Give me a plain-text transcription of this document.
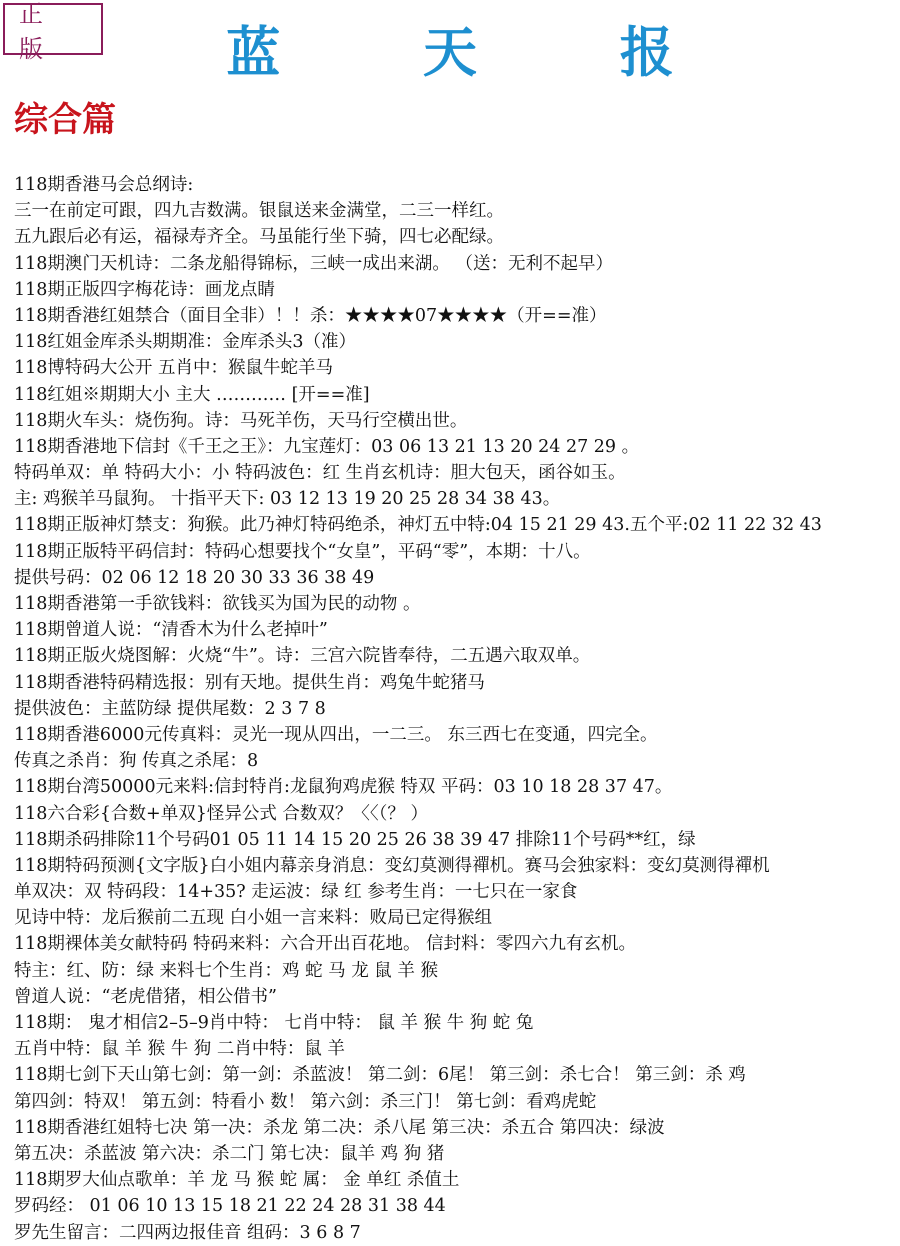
正 版	蓝 天 报
综合篇
118期香港马会总纲诗:
三一在前定可跟，四九吉数满。银鼠送来金满堂，二三一样红。
五九跟后必有运，福禄寿齐全。马虽能行坐下骑，四七必配绿。
118期澳门天机诗：二条龙船得锦标，三峡一成出来湖。 （送：无利不起早）
118期正版四字梅花诗：画龙点睛
118期香港红姐禁合（面目全非）！！杀：★★★★07★★★★（开==准）
118红姐金库杀头期期准：金库杀头3（准）
118博特码大公开 五肖中：猴鼠牛蛇羊马
118红姐※期期大小 主大 ………… [开==准]
118期火车头：烧伤狗。诗：马死羊伤，天马行空横出世。
118期香港地下信封《千王之王》：九宝莲灯：03 06 13 21 13 20 24 27 29 。
特码单双：单 特码大小：小 特码波色：红 生肖玄机诗：胆大包天，函谷如玉。
主: 鸡猴羊马鼠狗。 十指平天下: 03 12 13 19 20 25 28 34 38 43。
118期正版神灯禁支：狗猴。此乃神灯特码绝杀，神灯五中特:04 15 21 29 43.五个平:02 11 22 32 43
118期正版特平码信封：特码心想要找个“女皇”，平码“零”，本期：十八。
提供号码：02 06 12 18 20 30 33 36 38 49
118期香港第一手欲钱料：欲钱买为国为民的动物 。
118期曾道人说：“清香木为什么老掉叶”
118期正版火烧图解：火烧“牛”。诗：三宫六院皆奉待，二五遇六取双单。
118期香港特码精选报：别有天地。提供生肖：鸡兔牛蛇猪马
提供波色：主蓝防绿 提供尾数：2 3 7 8
118期香港6000元传真料：灵光一现从四出，一二三。 东三西七在变通，四完全。
传真之杀肖：狗 传真之杀尾：8
118期台湾50000元来料:信封特肖:龙鼠狗鸡虎猴 特双 平码：03 10 18 28 37 47。
118六合彩{合数+单双}怪异公式 合数双？〈〈（？ ）
118期杀码排除11个号码01 05 11 14 15 20 25 26 38 39 47 排除11个号码**红，绿
118期特码预测{文字版}白小姐内幕亲身消息：变幻莫测得禪机。赛马会独家料：变幻莫测得禪机
单双决：双 特码段：14+35? 走运波：绿 红 参考生肖：一七只在一家食
见诗中特：龙后猴前二五现 白小姐一言来料：败局已定得猴组
118期裸体美女献特码 特码来料：六合开出百花地。 信封料：零四六九有玄机。
特主：红、防：绿 来料七个生肖：鸡 蛇 马 龙 鼠 羊 猴
曾道人说：“老虎借猪，相公借书”
118期： 鬼才相信2–5–9肖中特： 七肖中特： 鼠 羊 猴 牛 狗 蛇 兔
五肖中特：鼠 羊 猴 牛 狗 二肖中特：鼠 羊
118期七剑下天山第七剑：第一剑：杀蓝波！ 第二剑：6尾！ 第三剑：杀七合！ 第三剑：杀 鸡
第四剑：特双！ 第五剑：特看小 数！ 第六剑：杀三门！ 第七剑：看鸡虎蛇
118期香港红姐特七决 第一决：杀龙 第二决：杀八尾 第三决：杀五合 第四决：绿波
第五决：杀蓝波 第六决：杀二门 第七决：鼠羊 鸡 狗 猪
118期罗大仙点歌单：羊 龙 马 猴 蛇 属： 金 单红 杀值土
罗码经： 01 06 10 13 15 18 21 22 24 28 31 38 44
罗先生留言：二四两边报佳音 组码：3 6 8 7
